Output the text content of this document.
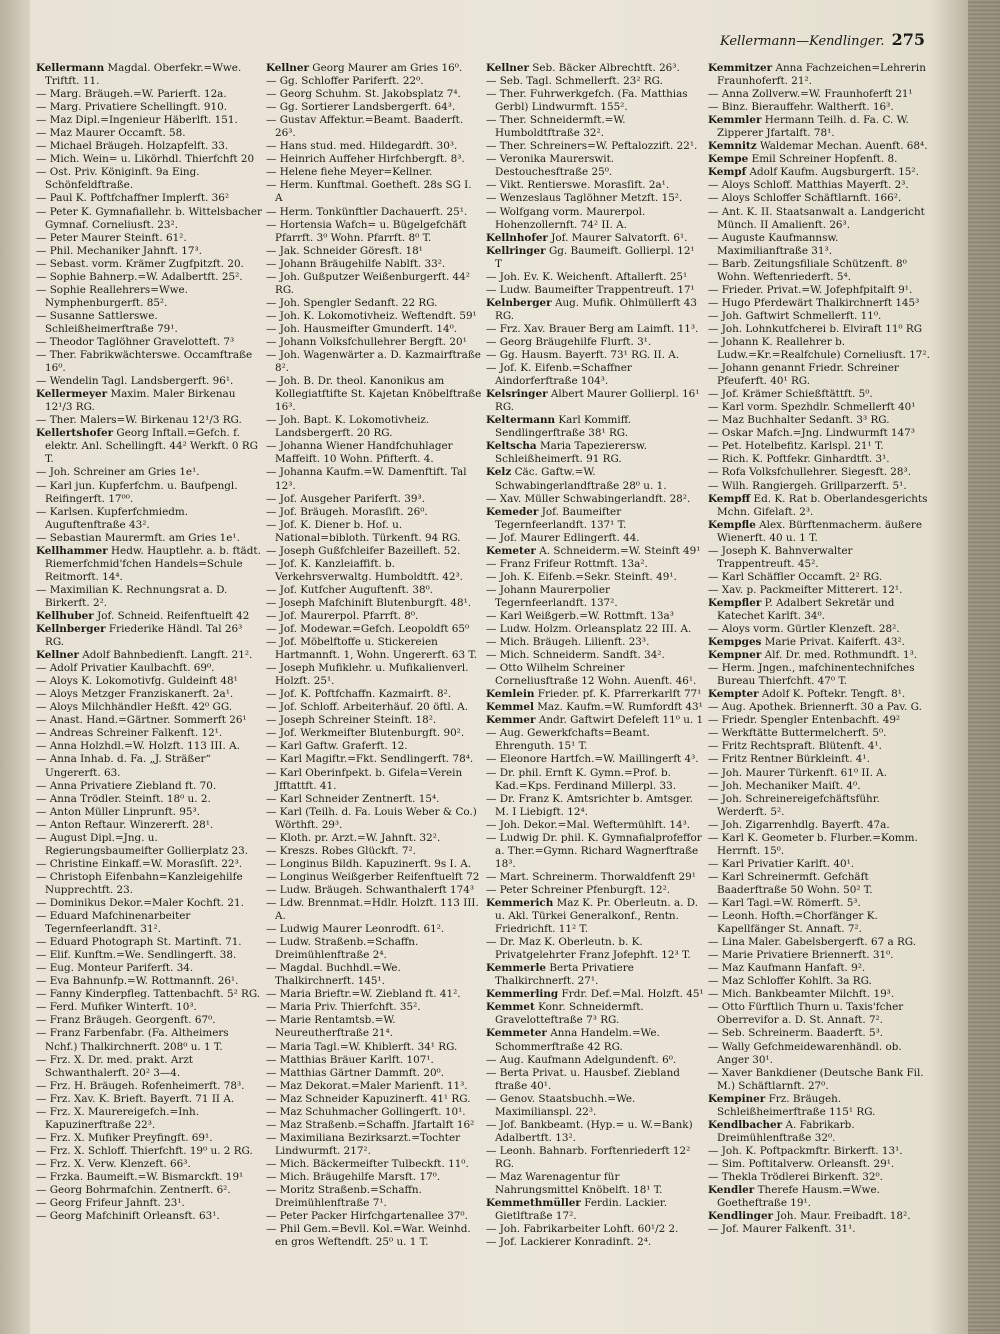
Kellermann—Kendlinger. 275
Kellermann Magdal. Oberfekr.=Wwe. Triftft. 11.
— Marg. Bräugeh.=W. Parierft. 12a.
— Marg. Privatiere Schellingft. 910.
— Maz Dipl.=Ingenieur Häberlft. 151.
— Maz Maurer Occamft. 58.
— Michael Bräugeh. Holzapfelft. 33.
— Mich. Wein= u. Likörhdl. Thierfchft 20
— Ost. Priv. Königinft. 9a Eing. Schönfeldftraße.
— Paul K. Poftfchaffner Implerft. 36²
— Peter K. Gymnafiallehr. b. Wittelsbacher Gymnaf. Corneliusft. 23².
— Peter Maurer Steinft. 61².
— Phil. Mechaniker Jahnft. 17³.
— Sebast. vorm. Krämer Zugfpitzft. 20.
— Sophie Bahnerp.=W. Adalbertft. 25².
— Sophie Reallehrers=Wwe. Nymphenburgerft. 85².
— Susanne Sattlerswe. Schleißheimerftraße 79¹.
— Theodor Taglöhner Gravelotteft. 7³
— Ther. Fabrikwächterswe. Occamftraße 16⁰.
— Wendelin Tagl. Landsbergerft. 96¹.
Kellermeyer Maxim. Maler Birkenau 12¹/3 RG.
— Ther. Malers=W. Birkenau 12¹/3 RG.
Kellertshofer Georg Inftall.=Gefch. f. elektr. Anl. Schellingft. 44² Werkft. 0 RG T.
— Joh. Schreiner am Gries 1e¹.
— Karl jun. Kupferfchm. u. Baufpengl. Reifingerft. 17⁰⁰.
— Karlsen. Kupferfchmiedm. Auguftenftraße 43².
— Sebastian Maurermft. am Gries 1e¹.
Kellhammer Hedw. Hauptlehr. a. b. ftädt. Riemerfchmid'fchen Handels=Schule Reitmorft. 14⁴.
— Maximilian K. Rechnungsrat a. D. Birkerft. 2².
Kellhuber Jof. Schneid. Reifenftuelft 42
Kellnberger Friederike Händl. Tal 26³ RG.
Kellner Adolf Bahnbedienft. Langft. 21².
— Adolf Privatier Kaulbachft. 69⁰.
— Aloys K. Lokomotivfg. Guldeinft 48¹
— Aloys Metzger Franziskanerft. 2a¹.
— Aloys Milchhändler Heßft. 42⁰ GG.
— Anast. Hand.=Gärtner. Sommerft 26¹
— Andreas Schreiner Falkenft. 12¹.
— Anna Holzhdl.=W. Holzft. 113 III. A.
— Anna Inhab. d. Fa. „J. Sträßer“ Ungererft. 63.
— Anna Privatiere Ziebland ft. 70.
— Anna Trödler. Steinft. 18⁰ u. 2.
— Anton Müller Linprunft. 95³.
— Anton Reftaur. Winzererft. 28¹.
— August Dipl.=Jng. u. Regierungsbaumeifter Gollierplatz 23.
— Christine Einkaff.=W. Morasſift. 22³.
— Christoph Eifenbahn=Kanzleigehilfe Nupprechtft. 23.
— Dominikus Dekor.=Maler Kochft. 21.
— Eduard Mafchinenarbeiter Tegernfeerlandft. 31².
— Eduard Photograph St. Martinft. 71.
— Elif. Kunftm.=We. Sendlingerft. 38.
— Eug. Monteur Pariferft. 34.
— Eva Bahnunfp.=W. Rottmannft. 26¹.
— Fanny Kinderpfleg. Tattenbachft. 5² RG.
— Ferd. Mufiker Winterft. 10³.
— Franz Bräugeh. Georgenft. 67⁰.
— Franz Farbenfabr. (Fa. Altheimers Nchf.) Thalkirchnerft. 208⁰ u. 1 T.
— Frz. X. Dr. med. prakt. Arzt Schwanthalerft. 20² 3—4.
— Frz. H. Bräugeh. Rofenheimerft. 78³.
— Frz. Xav. K. Brieft. Bayerft. 71 II A.
— Frz. X. Maurereigefch.=Inh. Kapuzinerftraße 22³.
— Frz. X. Mufiker Preyfingft. 69¹.
— Frz. X. Schloff. Thierfchft. 19⁰ u. 2 RG.
— Frz. X. Verw. Klenzeft. 66³.
— Frzka. Baumeift.=W. Bismarckft. 19¹
— Georg Bohrmafchin. Zentnerft. 6².
— Georg Frifeur Jahnft. 23¹.
— Georg Mafchinift Orleansft. 63¹.
Kellner Georg Maurer am Gries 16⁰.
— Gg. Schloffer Pariferft. 22⁰.
— Georg Schuhm. St. Jakobsplatz 7⁴.
— Gg. Sortierer Landsbergerft. 64³.
— Gustav Affektur.=Beamt. Baaderft. 26³.
— Hans stud. med. Hildegardft. 30³.
— Heinrich Auffeher Hirfchbergft. 8³.
— Helene fiehe Meyer=Kellner.
— Herm. Kunftmal. Goetheft. 28s SG I. A
— Herm. Tonkünftler Dachauerft. 25¹.
— Hortensia Wafch= u. Bügelgefchäft Pfarrft. 3⁰ Wohn. Pfarrft. 8⁰ T.
— Jak. Schneider Göresft. 18¹
— Johann Bräugehilfe Nablft. 33².
— Joh. Gußputzer Weißenburgerft. 44² RG.
— Joh. Spengler Sedanft. 22 RG.
— Joh. K. Lokomotivheiz. Weftendft. 59¹
— Joh. Hausmeifter Gmunderft. 14⁰.
— Johann Volksfchullehrer Bergft. 20¹
— Joh. Wagenwärter a. D. Kazmairftraße 8².
— Joh. B. Dr. theol. Kanonikus am Kollegiatftifte St. Kajetan Knöbelftraße 16³.
— Joh. Bapt. K. Lokomotivheiz. Landsbergerft. 20 RG.
— Johanna Wiener Handfchuhlager Maffeift. 10 Wohn. Pfifterft. 4.
— Johanna Kaufm.=W. Damenftift. Tal 12³.
— Jof. Ausgeher Pariferft. 39³.
— Jof. Bräugeh. Morasſift. 26⁰.
— Jof. K. Diener b. Hof. u. National=bibloth. Türkenft. 94 RG.
— Joseph Gußfchleifer Bazeilleft. 52.
— Jof. K. Kanzleiaffift. b. Verkehrsverwaltg. Humboldtft. 42³.
— Jof. Kutfcher Auguftenft. 38⁰.
— Joseph Mafchinift Blutenburgft. 48¹.
— Jof. Maurerpol. Pfarrft. 8⁰.
— Jof. Modewar.=Gefch. Leopoldft 65⁰
— Jof. Möbelftoffe u. Stickereien Hartmannft. 1, Wohn. Ungererft. 63 T.
— Joseph Mufiklehr. u. Mufikalienverl. Holzft. 25¹.
— Jof. K. Poftfchaffn. Kazmairft. 8².
— Jof. Schloff. Arbeiterhäuf. 20 öftl. A.
— Joseph Schreiner Steinft. 18².
— Jof. Werkmeifter Blutenburgft. 90².
— Karl Gaftw. Graferft. 12.
— Karl Magiftr.=Fkt. Sendlingerft. 78⁴.
— Karl Oberinfpekt. b. Gifela=Verein Jfftattft. 41.
— Karl Schneider Zentnerft. 15⁴.
— Karl (Teilh. d. Fa. Louis Weber & Co.) Wörthft. 29³.
— Kloth. pr. Arzt.=W. Jahnft. 32².
— Kreszs. Robes Glückft. 7².
— Longinus Bildh. Kapuzinerft. 9s I. A.
— Longinus Weißgerber Reifenftuelft 72
— Ludw. Bräugeh. Schwanthalerft 174³
— Ldw. Brennmat.=Hdlr. Holzft. 113 III. A.
— Ludwig Maurer Leonrodft. 61².
— Ludw. Straßenb.=Schaffn. Dreimühlenftraße 2⁴.
— Magdal. Buchhdl.=We. Thalkirchnerft. 145¹.
— Maria Brieftr.=W. Ziebland ft. 41².
— Maria Priv. Thierfchft. 35².
— Marie Rentamtsb.=W. Neureutherftraße 21⁴.
— Maria Tagl.=W. Khiblerft. 34¹ RG.
— Matthias Bräuer Karlft. 107¹.
— Matthias Gärtner Dammft. 20⁰.
— Maz Dekorat.=Maler Marienft. 11³.
— Maz Schneider Kapuzinerft. 41¹ RG.
— Maz Schuhmacher Gollingerft. 10¹.
— Maz Straßenb.=Schaffn. Jfartalft 16²
— Maximiliana Bezirksarzt.=Tochter Lindwurmft. 217².
— Mich. Bäckermeifter Tulbeckft. 11⁰.
— Mich. Bräugehilfe Marsft. 17⁰.
— Moritz Straßenb.=Schaffn. Dreimühlenftraße 7¹.
— Peter Packer Hirfchgartenallee 37⁰.
— Phil Gem.=Bevll. Kol.=War. Weinhd. en gros Weftendft. 25⁰ u. 1 T.
Kellner Seb. Bäcker Albrechtft. 26³.
— Seb. Tagl. Schmellerft. 23² RG.
— Ther. Fuhrwerkgefch. (Fa. Matthias Gerbl) Lindwurmft. 155².
— Ther. Schneidermft.=W. Humboldtftraße 32².
— Ther. Schreiners=W. Peftalozzift. 22¹.
— Veronika Maurerswit. Destouchesftraße 25⁰.
— Vikt. Rentierswe. Morasſift. 2a¹.
— Wenzeslaus Taglöhner Metzft. 15².
— Wolfgang vorm. Maurerpol. Hohenzollernft. 74² II. A.
Kellnhofer Jof. Maurer Salvatorft. 6¹.
Kellringer Gg. Baumeift. Gollierpl. 12¹ T
— Joh. Ev. K. Weichenft. Aftallerft. 25¹
— Ludw. Baumeifter Trappentreuft. 17¹
Kelnberger Aug. Mufik. Ohlmüllerft 43 RG.
— Frz. Xav. Brauer Berg am Laimft. 11³.
— Georg Bräugehilfe Flurft. 3¹.
— Gg. Hausm. Bayerft. 73¹ RG. II. A.
— Jof. K. Eifenb.=Schaffner Aindorferftraße 104³.
Kelsringer Albert Maurer Gollierpl. 16¹ RG.
Keltermann Karl Kommiff. Sendlingerftraße 38¹ RG.
Keltscha Maria Tapezierersw. Schleißheimerft. 91 RG.
Kelz Cäc. Gaftw.=W. Schwabingerlandftraße 28⁰ u. 1.
— Xav. Müller Schwabingerlandft. 28².
Kemeder Jof. Baumeifter Tegernfeerlandft. 137¹ T.
— Jof. Maurer Edlingerft. 44.
Kemeter A. Schneiderm.=W. Steinft 49¹
— Franz Frifeur Rottmft. 13a².
— Joh. K. Eifenb.=Sekr. Steinft. 49¹.
— Johann Maurerpolier Tegernfeerlandft. 137².
— Karl Weißgerb.=W. Rottmft. 13a³
— Ludw. Holzm. Orleansplatz 22 III. A.
— Mich. Bräugeh. Lilienft. 23³.
— Mich. Schneiderm. Sandft. 34².
— Otto Wilhelm Schreiner Corneliusftraße 12 Wohn. Auenft. 46¹.
Kemlein Frieder. pf. K. Pfarrerkarlft 77¹
Kemmel Maz. Kaufm.=W. Rumfordft 43¹
Kemmer Andr. Gaftwirt Defeleft 11⁰ u. 1
— Aug. Gewerkfchafts=Beamt. Ehrenguth. 15¹ T.
— Eleonore Hartfch.=W. Maillingerft 4³.
— Dr. phil. Ernft K. Gymn.=Prof. b. Kad.=Kps. Ferdinand Millerpl. 33.
— Dr. Franz K. Amtsrichter b. Amtsger. M. I Liebigft. 12⁴.
— Joh. Dekor.=Mal. Weftermühlft. 14³.
— Ludwig Dr. phil. K. Gymnafialprofeffor a. Ther.=Gymn. Richard Wagnerftraße 18³.
— Mart. Schreinerm. Thorwaldfenft 29¹
— Peter Schreiner Pfenburgft. 12².
Kemmerich Maz K. Pr. Oberleutn. a. D. u. Akl. Türkei Generalkonf., Rentn. Friedrichft. 11² T.
— Dr. Maz K. Oberleutn. b. K. Privatgelehrter Franz Jofephft. 12³ T.
Kemmerle Berta Privatiere Thalkirchnerft. 27¹.
Kemmerling Frdr. Def.=Mal. Holzft. 45¹
Kemmet Konr. Schneidermft. Gravelotteftraße 7³ RG.
Kemmeter Anna Handelm.=We. Schommerftraße 42 RG.
— Aug. Kaufmann Adelgundenft. 6⁰.
— Berta Privat. u. Hausbef. Ziebland ftraße 40¹.
— Genov. Staatsbuchh.=We. Maximilianspl. 22³.
— Jof. Bankbeamt. (Hyp.= u. W.=Bank) Adalbertft. 13².
— Leonh. Bahnarb. Forftenriederft 12² RG.
— Maz Warenagentur für Nahrungsmittel Knöbelft. 18¹ T.
Kemmethmüller Ferdin. Lackier. Gietlftraße 17².
— Joh. Fabrikarbeiter Lohft. 60¹/2 2.
— Jof. Lackierer Konradinft. 2⁴.
Kemmitzer Anna Fachzeichen=Lehrerin Fraunhoferft. 21².
— Anna Zollverw.=W. Fraunhoferft 21¹
— Binz. Bierauffehr. Waltherft. 16³.
Kemmler Hermann Teilh. d. Fa. C. W. Zipperer Jfartalft. 78¹.
Kemnitz Waldemar Mechan. Auenft. 68⁴.
Kempe Emil Schreiner Hopfenft. 8.
Kempf Adolf Kaufm. Augsburgerft. 15².
— Aloys Schloff. Matthias Mayerft. 2³.
— Aloys Schloffer Schäftlarnft. 166².
— Ant. K. II. Staatsanwalt a. Landgericht Münch. II Amalienft. 26³.
— Auguste Kaufmannsw. Maximilianftraße 31³.
— Barb. Zeitungsfiliale Schützenft. 8⁰ Wohn. Weftenriederft. 5⁴.
— Frieder. Privat.=W. Jofephfpitalft 9¹.
— Hugo Pferdewärt Thalkirchnerft 145³
— Joh. Gaftwirt Schmellerft. 11⁰.
— Joh. Lohnkutfcherei b. Elviraft 11⁰ RG
— Johann K. Reallehrer b. Ludw.=Kr.=Realfchule) Corneliusft. 17².
— Johann genannt Friedr. Schreiner Pfeuferft. 40¹ RG.
— Jof. Krämer Schießftättft. 5⁰.
— Karl vorm. Spezhdlr. Schmellerft 40¹
— Maz Buchhalter Sedanft. 3³ RG.
— Oskar Mafch.=Jng. Lindwurmft 147³
— Pet. Hotelbefitz. Karlspl. 21¹ T.
— Rich. K. Poftfekr. Ginhardtft. 3¹.
— Rofa Volksfchullehrer. Siegesft. 28³.
— Wilh. Rangiergeh. Grillparzerft. 5¹.
Kempff Ed. K. Rat b. Oberlandesgerichts Mchn. Gifelaft. 2³.
Kempfle Alex. Bürftenmacherm. äußere Wienerft. 40 u. 1 T.
— Joseph K. Bahnverwalter Trappentreuft. 45².
— Karl Schäffler Occamft. 2² RG.
— Xav. p. Packmeifter Mitterert. 12¹.
Kempfler P. Adalbert Sekretär und Katechet Karlft. 34⁰.
— Aloys vorm. Gürtler Klenzeft. 28².
Kempges Marie Privat. Kaiferft. 43².
Kempner Alf. Dr. med. Rothmundft. 1³.
— Herm. Jngen., mafchinentechnifches Bureau Thierfchft. 47⁰ T.
Kempter Adolf K. Poftekr. Tengft. 8¹.
— Aug. Apothek. Briennerft. 30 a Pav. G.
— Friedr. Spengler Entenbachft. 49²
— Werkftätte Buttermelcherft. 5⁰.
— Fritz Rechtspraft. Blütenft. 4¹.
— Fritz Rentner Bürkleinft. 4¹.
— Joh. Maurer Türkenft. 61⁰ II. A.
— Joh. Mechaniker Maiſt. 4⁰.
— Joh. Schreinereigefchäftsführ. Werderft. 5².
— Joh. Zigarrenhdlg. Bayerft. 47a.
— Karl K. Geometer b. Flurber.=Komm. Herrnft. 15⁰.
— Karl Privatier Karlft. 40¹.
— Karl Schreinermft. Gefchäft Baaderftraße 50 Wohn. 50² T.
— Karl Tagl.=W. Römerft. 5³.
— Leonh. Hofth.=Chorfänger K. Kapellfänger St. Annaft. 7².
— Lina Maler. Gabelsbergerft. 67 a RG.
— Marie Privatiere Briennerft. 31⁰.
— Maz Kaufmann Hanfaft. 9².
— Maz Schloffer Kohlft. 3a RG.
— Mich. Bankbeamter Milchft. 19³.
— Otto Fürftlich Thurn u. Taxis'fcher Oberrevifor a. D. St. Annaft. 7².
— Seb. Schreinerm. Baaderft. 5³.
— Wally Gefchmeidewarenhändl. ob. Anger 30¹.
— Xaver Bankdiener (Deutsche Bank Fil. M.) Schäftlarnft. 27⁰.
Kempiner Frz. Bräugeh. Schleißheimerftraße 115¹ RG.
Kendlbacher A. Fabrikarb. Dreimühlenftraße 32⁰.
— Joh. K. Poftpackmftr. Birkerft. 13¹.
— Sim. Poftitalverw. Orleansft. 29¹.
— Thekla Trödlerei Birkenft. 32⁰.
Kendler Therefe Hausm.=Wwe. Goetheftraße 19¹.
Kendlinger Joh. Maur. Freibadft. 18².
— Jof. Maurer Falkenft. 31¹.
